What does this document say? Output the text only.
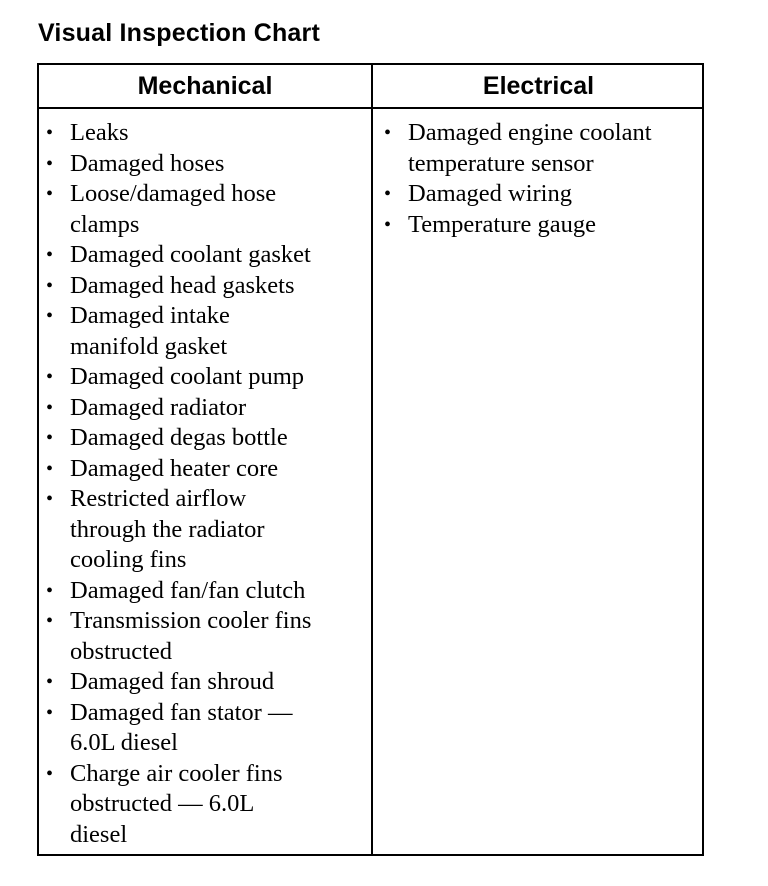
Visual Inspection Chart
Mechanical	Electrical
• Leaks
• Damaged hoses
• Loose/damaged hose
clamps
• Damaged coolant gasket
• Damaged head gaskets
• Damaged intake
manifold gasket
• Damaged coolant pump
• Damaged radiator
• Damaged degas bottle
• Damaged heater core
• Restricted airflow
through the radiator
cooling fins
• Damaged fan/fan clutch
• Transmission cooler fins
obstructed
• Damaged fan shroud
• Damaged fan stator —
6.0L diesel
• Charge air cooler fins
obstructed — 6.0L
diesel
• Damaged engine coolant
temperature sensor
• Damaged wiring
• Temperature gauge
